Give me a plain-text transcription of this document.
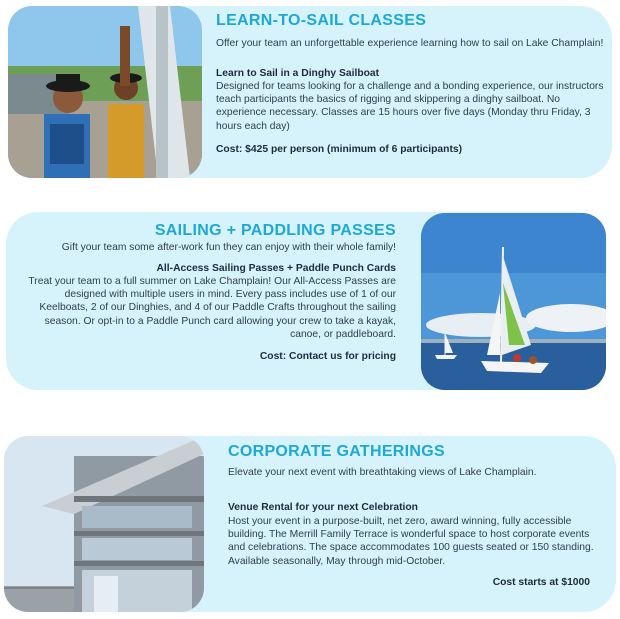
LEARN-TO-SAIL CLASSES
Offer your team an unforgettable experience learning how to sail on Lake Champlain!
Learn to Sail in a Dinghy Sailboat
Designed for teams looking for a challenge and a bonding experience, our instructors teach participants the basics of rigging and skippering a dinghy sailboat. No experience necessary. Classes are 15 hours over five days (Monday thru Friday, 3 hours each day)
Cost: $425 per person (minimum of 6 participants)
SAILING + PADDLING PASSES
Gift your team some after-work fun they can enjoy with their whole family!
All-Access Sailing Passes + Paddle Punch Cards
Treat your team to a full summer on Lake Champlain! Our All-Access Passes are designed with multiple users in mind. Every pass includes use of 1 of our Keelboats, 2 of our Dinghies, and 4 of our Paddle Crafts throughout the sailing season. Or opt-in to a Paddle Punch card allowing your crew to take a kayak, canoe, or paddleboard.
Cost: Contact us for pricing
CORPORATE GATHERINGS
Elevate your next event with breathtaking views of Lake Champlain.
Venue Rental for your next Celebration
Host your event in a purpose-built, net zero, award winning, fully accessible building. The Merrill Family Terrace is wonderful space to host corporate events and celebrations. The space accommodates 100 guests seated or 150 standing. Available seasonally, May through mid-October.
Cost starts at $1000
